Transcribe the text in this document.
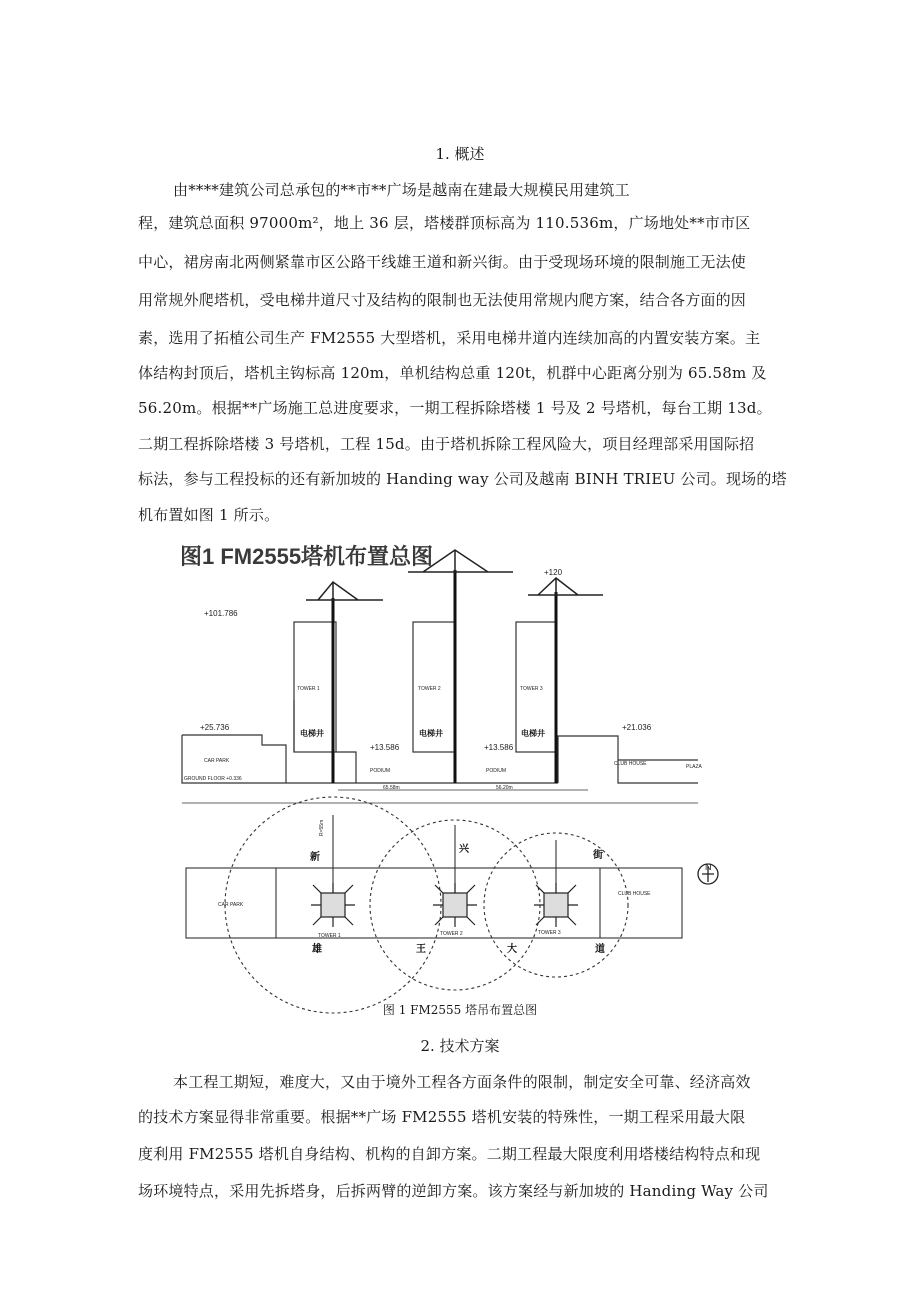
1. 概述
由****建筑公司总承包的**市**广场是越南在建最大规模民用建筑工
程，建筑总面积 97000m²，地上 36 层，塔楼群顶标高为 110.536m，广场地处**市市区
中心，裙房南北两侧紧靠市区公路干线雄王道和新兴街。由于受现场环境的限制施工无法使
用常规外爬塔机，受电梯井道尺寸及结构的限制也无法使用常规内爬方案，结合各方面的因
素，选用了拓植公司生产 FM2555 大型塔机，采用电梯井道内连续加高的内置安装方案。主
体结构封顶后，塔机主钩标高 120m，单机结构总重 120t，机群中心距离分别为 65.58m 及
56.20m。根据**广场施工总进度要求，一期工程拆除塔楼 1 号及 2 号塔机，每台工期 13d。
二期工程拆除塔楼 3 号塔机，工程 15d。由于塔机拆除工程风险大，项目经理部采用国际招
标法，参与工程投标的还有新加坡的 Handing way 公司及越南 BINH TRIEU 公司。现场的塔
机布置如图 1 所示。
图1 FM2555塔机布置总图
+101.786
+120
+25.736
+13.586	+13.586
+21.036
GROUND FLOOR +0.336
TOWER 1	TOWER 2	TOWER 3
电梯井	电梯井	电梯井
CAR PARK
PODIUM	PODIUM
CLUB HOUSE	PLAZA
65.58m	56.20m
R=55m
新
兴
街
CAR PARK
CLUB HOUSE
TOWER 1	TOWER 2	TOWER 3
雄	王	大	道
N
图 1 FM2555 塔吊布置总图
2. 技术方案
本工程工期短，难度大，又由于境外工程各方面条件的限制，制定安全可靠、经济高效
的技术方案显得非常重要。根据**广场 FM2555 塔机安装的特殊性，一期工程采用最大限
度利用 FM2555 塔机自身结构、机构的自卸方案。二期工程最大限度利用塔楼结构特点和现
场环境特点，采用先拆塔身，后拆两臂的逆卸方案。该方案经与新加坡的 Handing Way 公司
